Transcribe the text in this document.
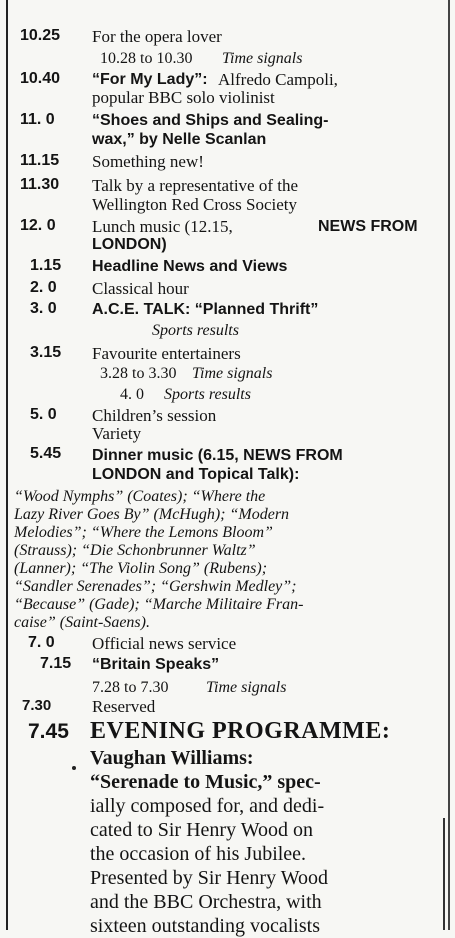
10.25 For the opera lover
10.28 to 10.30 Time signals
10.40 “For My Lady”: Alfredo Campoli,
popular BBC solo violinist
11. 0 “Shoes and Ships and Sealing-
wax,” by Nelle Scanlan
11.15 Something new!
11.30 Talk by a representative of the
Wellington Red Cross Society
12. 0 Lunch music (12.15,	NEWS FROM
LONDON)
1.15 Headline News and Views
2. 0 Classical hour
3. 0 A.C.E. TALK: “Planned Thrift”
Sports results
3.15 Favourite entertainers
3.28 to 3.30 Time signals
4. 0 Sports results
5. 0 Children’s session
Variety
5.45 Dinner music (6.15, NEWS FROM
LONDON and Topical Talk):
“Wood Nymphs” (Coates); “Where the
Lazy River Goes By” (McHugh); “Modern
Melodies”; “Where the Lemons Bloom”
(Strauss); “Die Schonbrunner Waltz”
(Lanner); “The Violin Song” (Rubens);
“Sandler Serenades”; “Gershwin Medley”;
“Because” (Gade); “Marche Militaire Fran-
caise” (Saint-Saens).
7. 0 Official news service
7.15 “Britain Speaks”
7.28 to 7.30 Time signals
7.30 Reserved
7.45 EVENING PROGRAMME:
Vaughan Williams:
“Serenade to Music,” spec-
ially composed for, and dedi-
cated to Sir Henry Wood on
the occasion of his Jubilee.
Presented by Sir Henry Wood
and the BBC Orchestra, with
sixteen outstanding vocalists
